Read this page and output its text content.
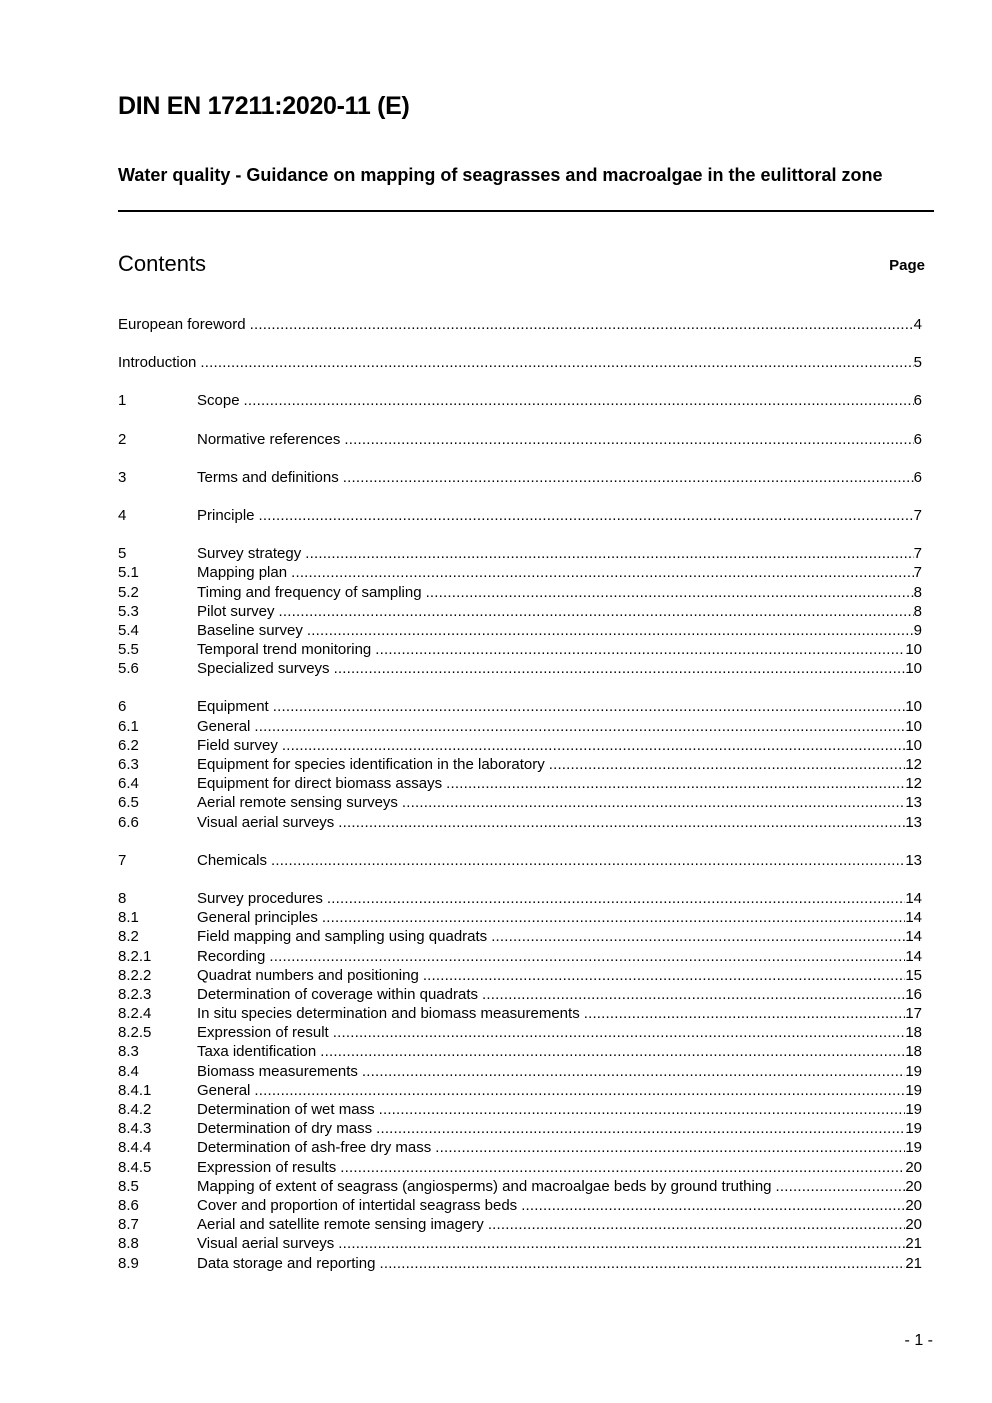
DIN EN 17211:2020-11 (E)
Water quality - Guidance on mapping of seagrasses and macroalgae in the eulittoral zone
Contents	Page
European foreword .....	4
Introduction .....	5
1	Scope .....	6
2	Normative references .....	6
3	Terms and definitions .....	6
4	Principle .....	7
5	Survey strategy .....	7
5.1	Mapping plan .....	7
5.2	Timing and frequency of sampling .....	8
5.3	Pilot survey .....	8
5.4	Baseline survey .....	9
5.5	Temporal trend monitoring .....	10
5.6	Specialized surveys .....	10
6	Equipment .....	10
6.1	General .....	10
6.2	Field survey .....	10
6.3	Equipment for species identification in the laboratory .....	12
6.4	Equipment for direct biomass assays .....	12
6.5	Aerial remote sensing surveys .....	13
6.6	Visual aerial surveys .....	13
7	Chemicals .....	13
8	Survey procedures .....	14
8.1	General principles .....	14
8.2	Field mapping and sampling using quadrats .....	14
8.2.1	Recording .....	14
8.2.2	Quadrat numbers and positioning .....	15
8.2.3	Determination of coverage within quadrats .....	16
8.2.4	In situ species determination and biomass measurements .....	17
8.2.5	Expression of result .....	18
8.3	Taxa identification .....	18
8.4	Biomass measurements .....	19
8.4.1	General .....	19
8.4.2	Determination of wet mass .....	19
8.4.3	Determination of dry mass .....	19
8.4.4	Determination of ash-free dry mass .....	19
8.4.5	Expression of results .....	20
8.5	Mapping of extent of seagrass (angiosperms) and macroalgae beds by ground truthing .....	20
8.6	Cover and proportion of intertidal seagrass beds .....	20
8.7	Aerial and satellite remote sensing imagery .....	20
8.8	Visual aerial surveys .....	21
8.9	Data storage and reporting .....	21
- 1 -
